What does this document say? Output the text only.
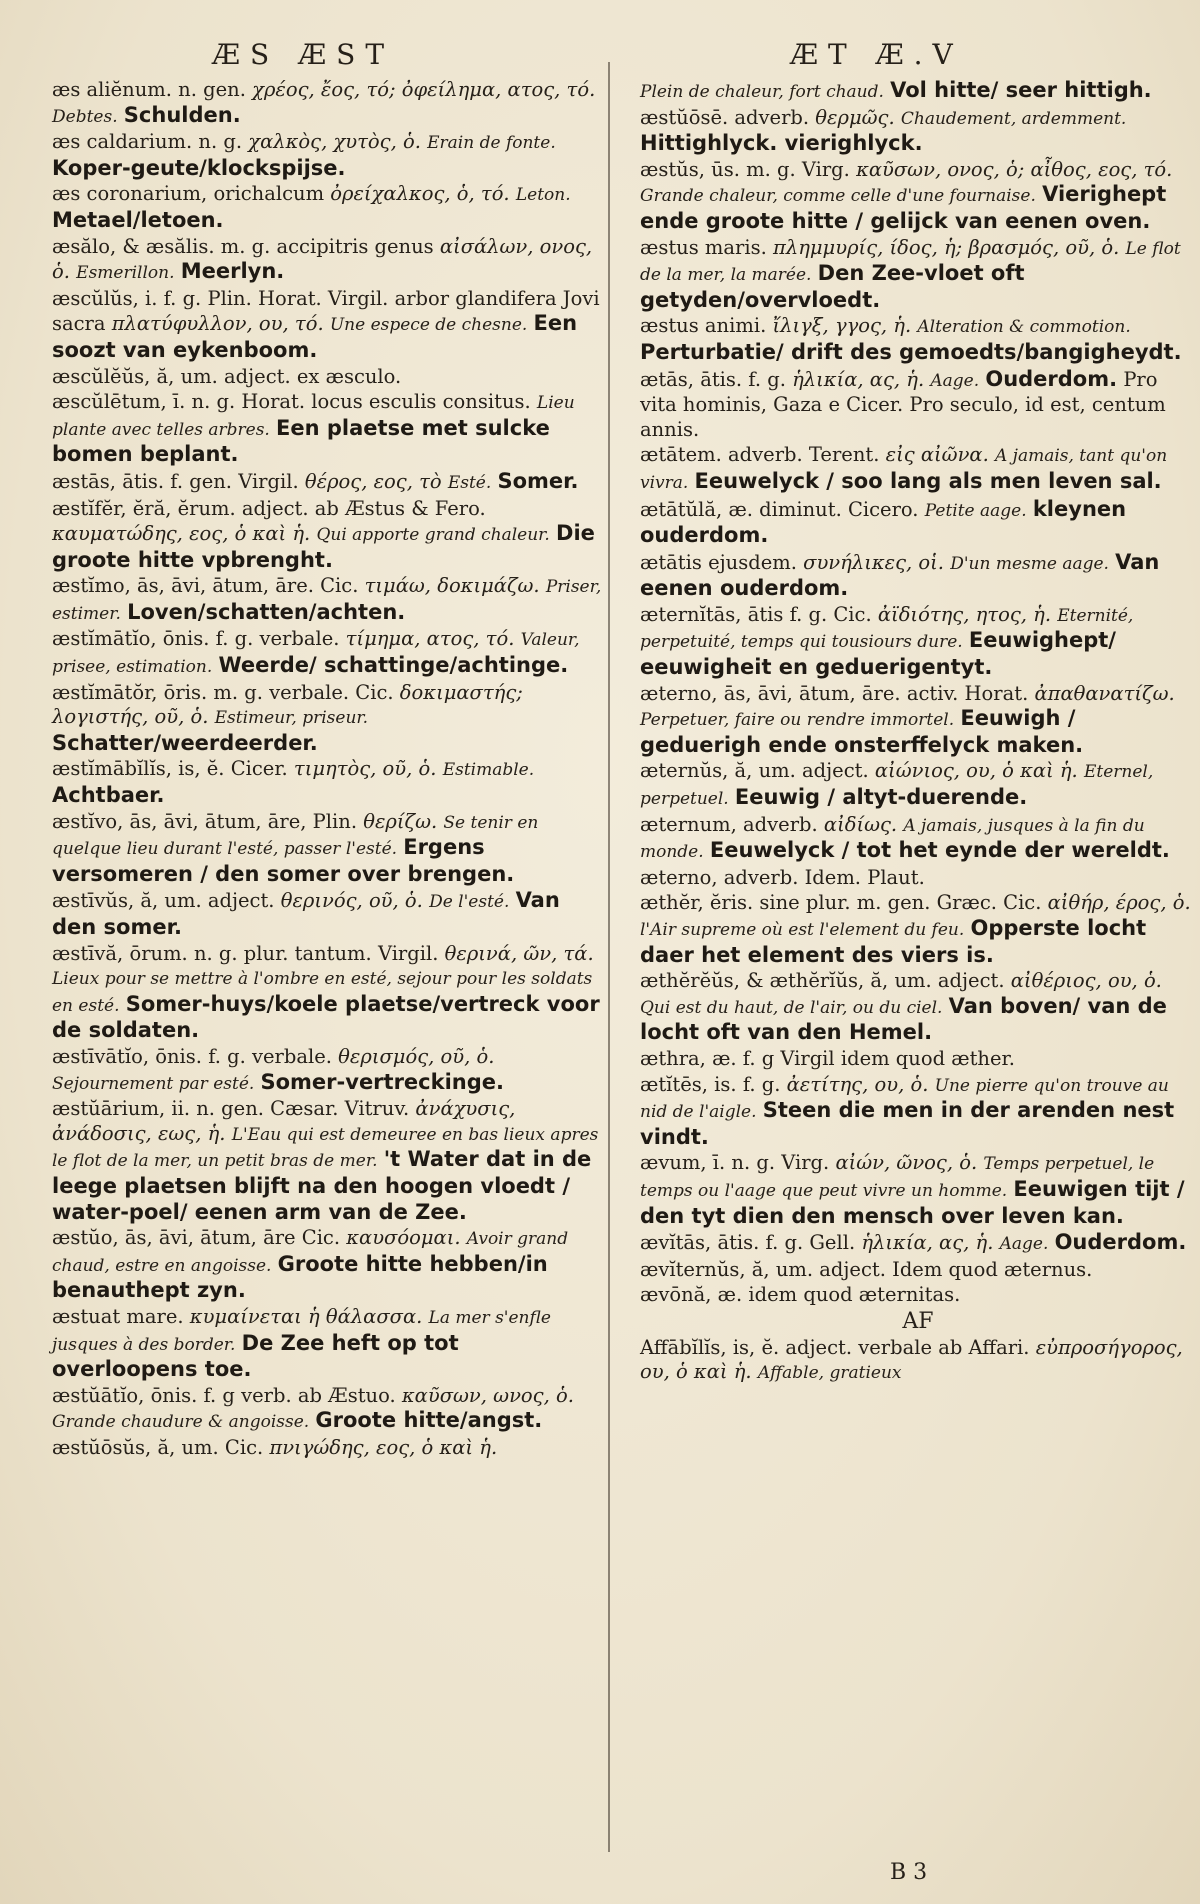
ÆS ÆST	ÆT Æ.V

æs aliĕnum. n. gen. χρέος, ἔος, τό; ὀφείλημα, ατος, τό. Debtes. Schulden.

æs caldarium. n. g. χαλκὸς, χυτὸς, ὁ. Erain de fonte. Koper-geute/klockspijse.

æs coronarium, orichalcum ὀρείχαλκος, ὁ, τό. Leton. Metael/letoen.

æsălo, & æsălis. m. g. accipitris genus αἰσάλων, ονος, ὁ. Esmerillon. Meerlyn.

æscŭlŭs, i. f. g. Plin. Horat. Virgil. arbor glandifera Jovi sacra πλατύφυλλον, ου, τό. Une espece de chesne. Een soozt van eykenboom.

æscŭlĕŭs, ă, um. adject. ex æsculo.

æscŭlētum, ī. n. g. Horat. locus esculis consitus. Lieu plante avec telles arbres. Een plaetse met sulcke bomen beplant.

æstās, ātis. f. gen. Virgil. θέρος, εος, τὸ Esté. Somer.

æstĭfĕr, ĕră, ĕrum. adject. ab Æstus & Fero. καυματώδης, εος, ὁ καὶ ἡ. Qui apporte grand chaleur. Die groote hitte vpbrenght.

æstĭmo, ās, āvi, ātum, āre. Cic. τιμάω, δοκιμάζω. Priser, estimer. Loven/schatten/achten.

æstĭmātĭo, ōnis. f. g. verbale. τίμημα, ατος, τό. Valeur, prisee, estimation. Weerde/ schattinge/achtinge.

æstĭmātŏr, ōris. m. g. verbale. Cic. δοκιμαστής; λογιστής, οῦ, ὁ. Estimeur, priseur. Schatter/weerdeerder.

æstĭmābĭlĭs, is, ĕ. Cicer. τιμητὸς, οῦ, ὁ. Estimable. Achtbaer.

æstĭvo, ās, āvi, ātum, āre, Plin. θερίζω. Se tenir en quelque lieu durant l'esté, passer l'esté. Ergens versomeren / den somer over brengen.

æstīvŭs, ă, um. adject. θερινός, οῦ, ὁ. De l'esté. Van den somer.

æstīvă, ōrum. n. g. plur. tantum. Virgil. θερινά, ῶν, τά. Lieux pour se mettre à l'ombre en esté, sejour pour les soldats en esté. Somer-huys/koele plaetse/vertreck voor de soldaten.

æstīvātĭo, ōnis. f. g. verbale. θερισμός, οῦ, ὁ. Sejournement par esté. Somer-vertreckinge.

æstŭārium, ii. n. gen. Cæsar. Vitruv. ἀνάχυσις, ἀνάδοσις, εως, ἡ. L'Eau qui est demeuree en bas lieux apres le flot de la mer, un petit bras de mer. 't Water dat in de leege plaetsen blijft na den hoogen vloedt / water-poel/ eenen arm van de Zee.

æstŭo, ās, āvi, ātum, āre Cic. καυσόομαι. Avoir grand chaud, estre en angoisse. Groote hitte hebben/in benauthept zyn.

æstuat mare. κυμαίνεται ἡ θάλασσα. La mer s'enfle jusques à des border. De Zee heft op tot overloopens toe.

æstŭātĭo, ōnis. f. g verb. ab Æstuo. καῦσων, ωνος, ὁ. Grande chaudure & angoisse. Groote hitte/angst.

æstŭōsŭs, ă, um. Cic. πνιγώδης, εος, ὁ καὶ ἡ.

Plein de chaleur, fort chaud. Vol hitte/ seer hittigh.

æstŭōsē. adverb. θερμῶς. Chaudement, ardemment. Hittighlyck. vierighlyck.

æstŭs, ūs. m. g. Virg. καῦσων, ονος, ὁ; αἶθος, εος, τό. Grande chaleur, comme celle d'une fournaise. Vierighept ende groote hitte / gelijck van eenen oven.

æstus maris. πλημμυρίς, ίδος, ἡ; βρασμός, οῦ, ὁ. Le flot de la mer, la marée. Den Zee-vloet oft getyden/overvloedt.

æstus animi. ἴλιγξ, γγος, ἡ. Alteration & commotion. Perturbatie/ drift des gemoedts/bangigheydt.

ætās, ātis. f. g. ἡλικία, ας, ἡ. Aage. Ouderdom. Pro vita hominis, Gaza e Cicer. Pro seculo, id est, centum annis.

ætātem. adverb. Terent. εἰς αἰῶνα. A jamais, tant qu'on vivra. Eeuwelyck / soo lang als men leven sal.

ætātŭlă, æ. diminut. Cicero. Petite aage. kleynen ouderdom.

ætātis ejusdem. συνήλικες, οἱ. D'un mesme aage. Van eenen ouderdom.

æternĭtās, ātis f. g. Cic. ἀϊδιότης, ητος, ἡ. Eternité, perpetuité, temps qui tousiours dure. Eeuwighept/ eeuwigheit en geduerigentyt.

æterno, ās, āvi, ātum, āre. activ. Horat. ἀπαθανατίζω. Perpetuer, faire ou rendre immortel. Eeuwigh / geduerigh ende onsterffelyck maken.

æternŭs, ă, um. adject. αἰώνιος, ου, ὁ καὶ ἡ. Eternel, perpetuel. Eeuwig / altyt-duerende.

æternum, adverb. αἰδίως. A jamais, jusques à la fin du monde. Eeuwelyck / tot het eynde der wereldt.

æterno, adverb. Idem. Plaut.

æthĕr, ĕris. sine plur. m. gen. Græc. Cic. αἰθήρ, έρος, ὁ. l'Air supreme où est l'element du feu. Opperste locht daer het element des viers is.

æthĕrĕŭs, & æthĕrĭŭs, ă, um. adject. αἰθέριος, ου, ὁ. Qui est du haut, de l'air, ou du ciel. Van boven/ van de locht oft van den Hemel.

æthra, æ. f. g Virgil idem quod æther.

ætĭtēs, is. f. g. ἀετίτης, ου, ὁ. Une pierre qu'on trouve au nid de l'aigle. Steen die men in der arenden nest vindt.

ævum, ī. n. g. Virg. αἰών, ῶνος, ὁ. Temps perpetuel, le temps ou l'aage que peut vivre un homme. Eeuwigen tijt / den tyt dien den mensch over leven kan.

ævĭtās, ātis. f. g. Gell. ἡλικία, ας, ἡ. Aage. Ouderdom.

ævĭternŭs, ă, um. adject. Idem quod æternus.

ævōnă, æ. idem quod æternitas.

AF

Affābĭlĭs, is, ĕ. adject. verbale ab Affari. εὐπροσήγορος, ου, ὁ καὶ ἡ. Affable, gratieux

B 3
